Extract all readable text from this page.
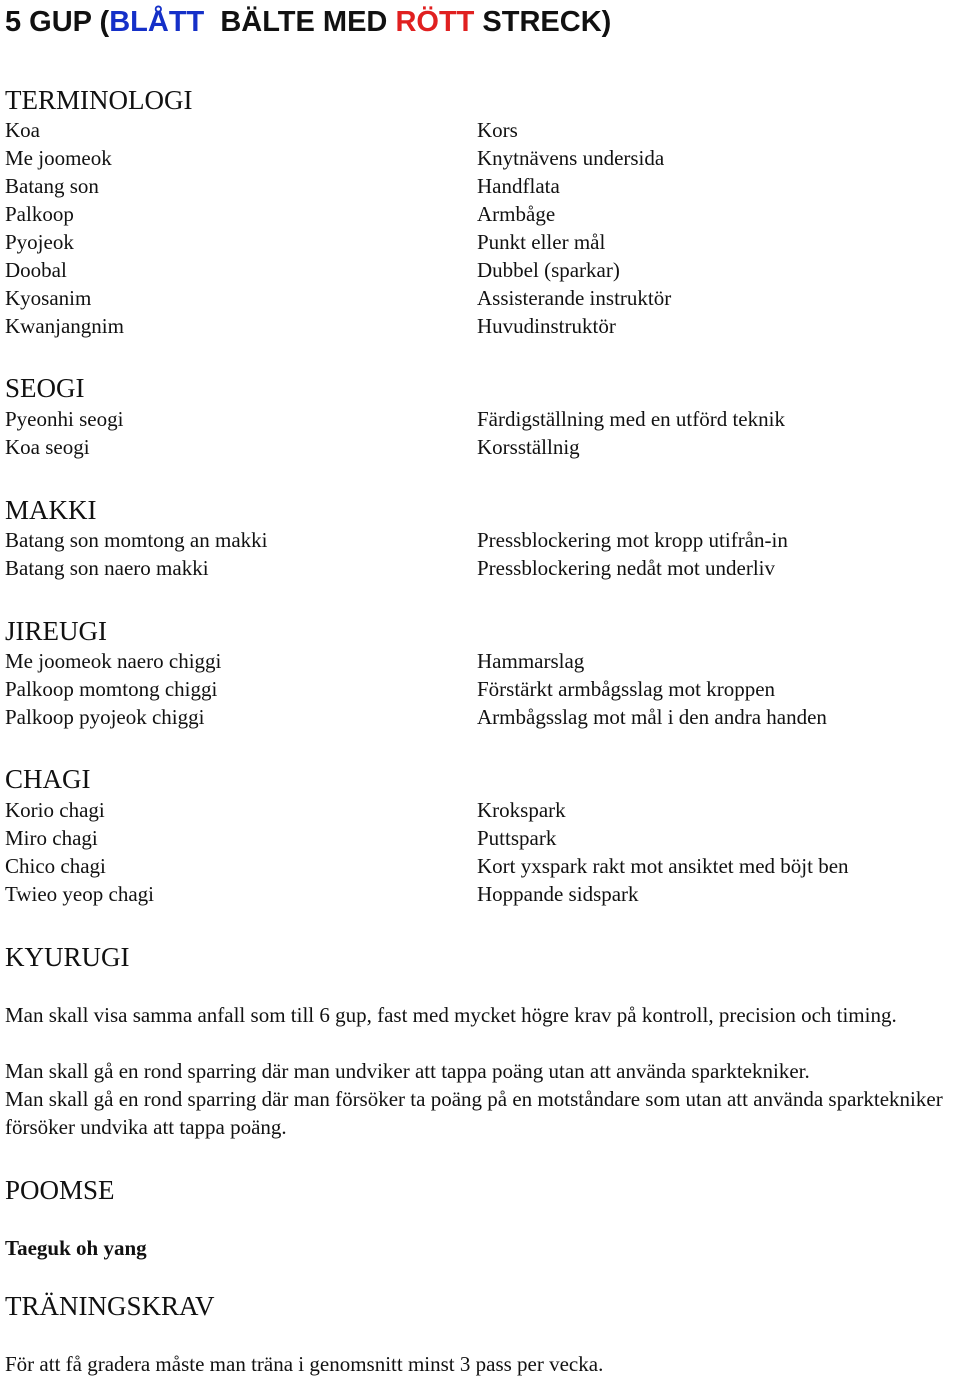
5 GUP (BLÅTT  BÄLTE MED RÖTT STRECK)
TERMINOLOGI
Koa
Me joomeok
Batang son
Palkoop
Pyojeok
Doobal
Kyosanim
Kwanjangnim
Kors
Knytnävens undersida
Handflata
Armbåge
Punkt eller mål
Dubbel (sparkar)
Assisterande instruktör
Huvudinstruktör
SEOGI
Pyeonhi seogi
Koa seogi
Färdigställning med en utförd teknik
Korsställnig
MAKKI
Batang son momtong an makki
Batang son naero makki
Pressblockering mot kropp utifrån-in
Pressblockering nedåt mot underliv
JIREUGI
Me joomeok naero chiggi
Palkoop momtong chiggi
Palkoop pyojeok chiggi
Hammarslag
Förstärkt armbågsslag mot kroppen
Armbågsslag mot mål i den andra handen
CHAGI
Korio chagi
Miro chagi
Chico chagi
Twieo yeop chagi
Krokspark
Puttspark
Kort yxspark rakt mot ansiktet med böjt ben
Hoppande sidspark
KYURUGI

Man skall visa samma anfall som till 6 gup, fast med mycket högre krav på kontroll, precision och timing.

Man skall gå en rond sparring där man undviker att tappa poäng utan att använda sparktekniker.

Man skall gå en rond sparring där man försöker ta poäng på en motståndare som utan att använda sparktekniker försöker undvika att tappa poäng.

POOMSE

Taeguk oh yang

TRÄNINGSKRAV

För att få gradera måste man träna i genomsnitt minst 3 pass per vecka.
